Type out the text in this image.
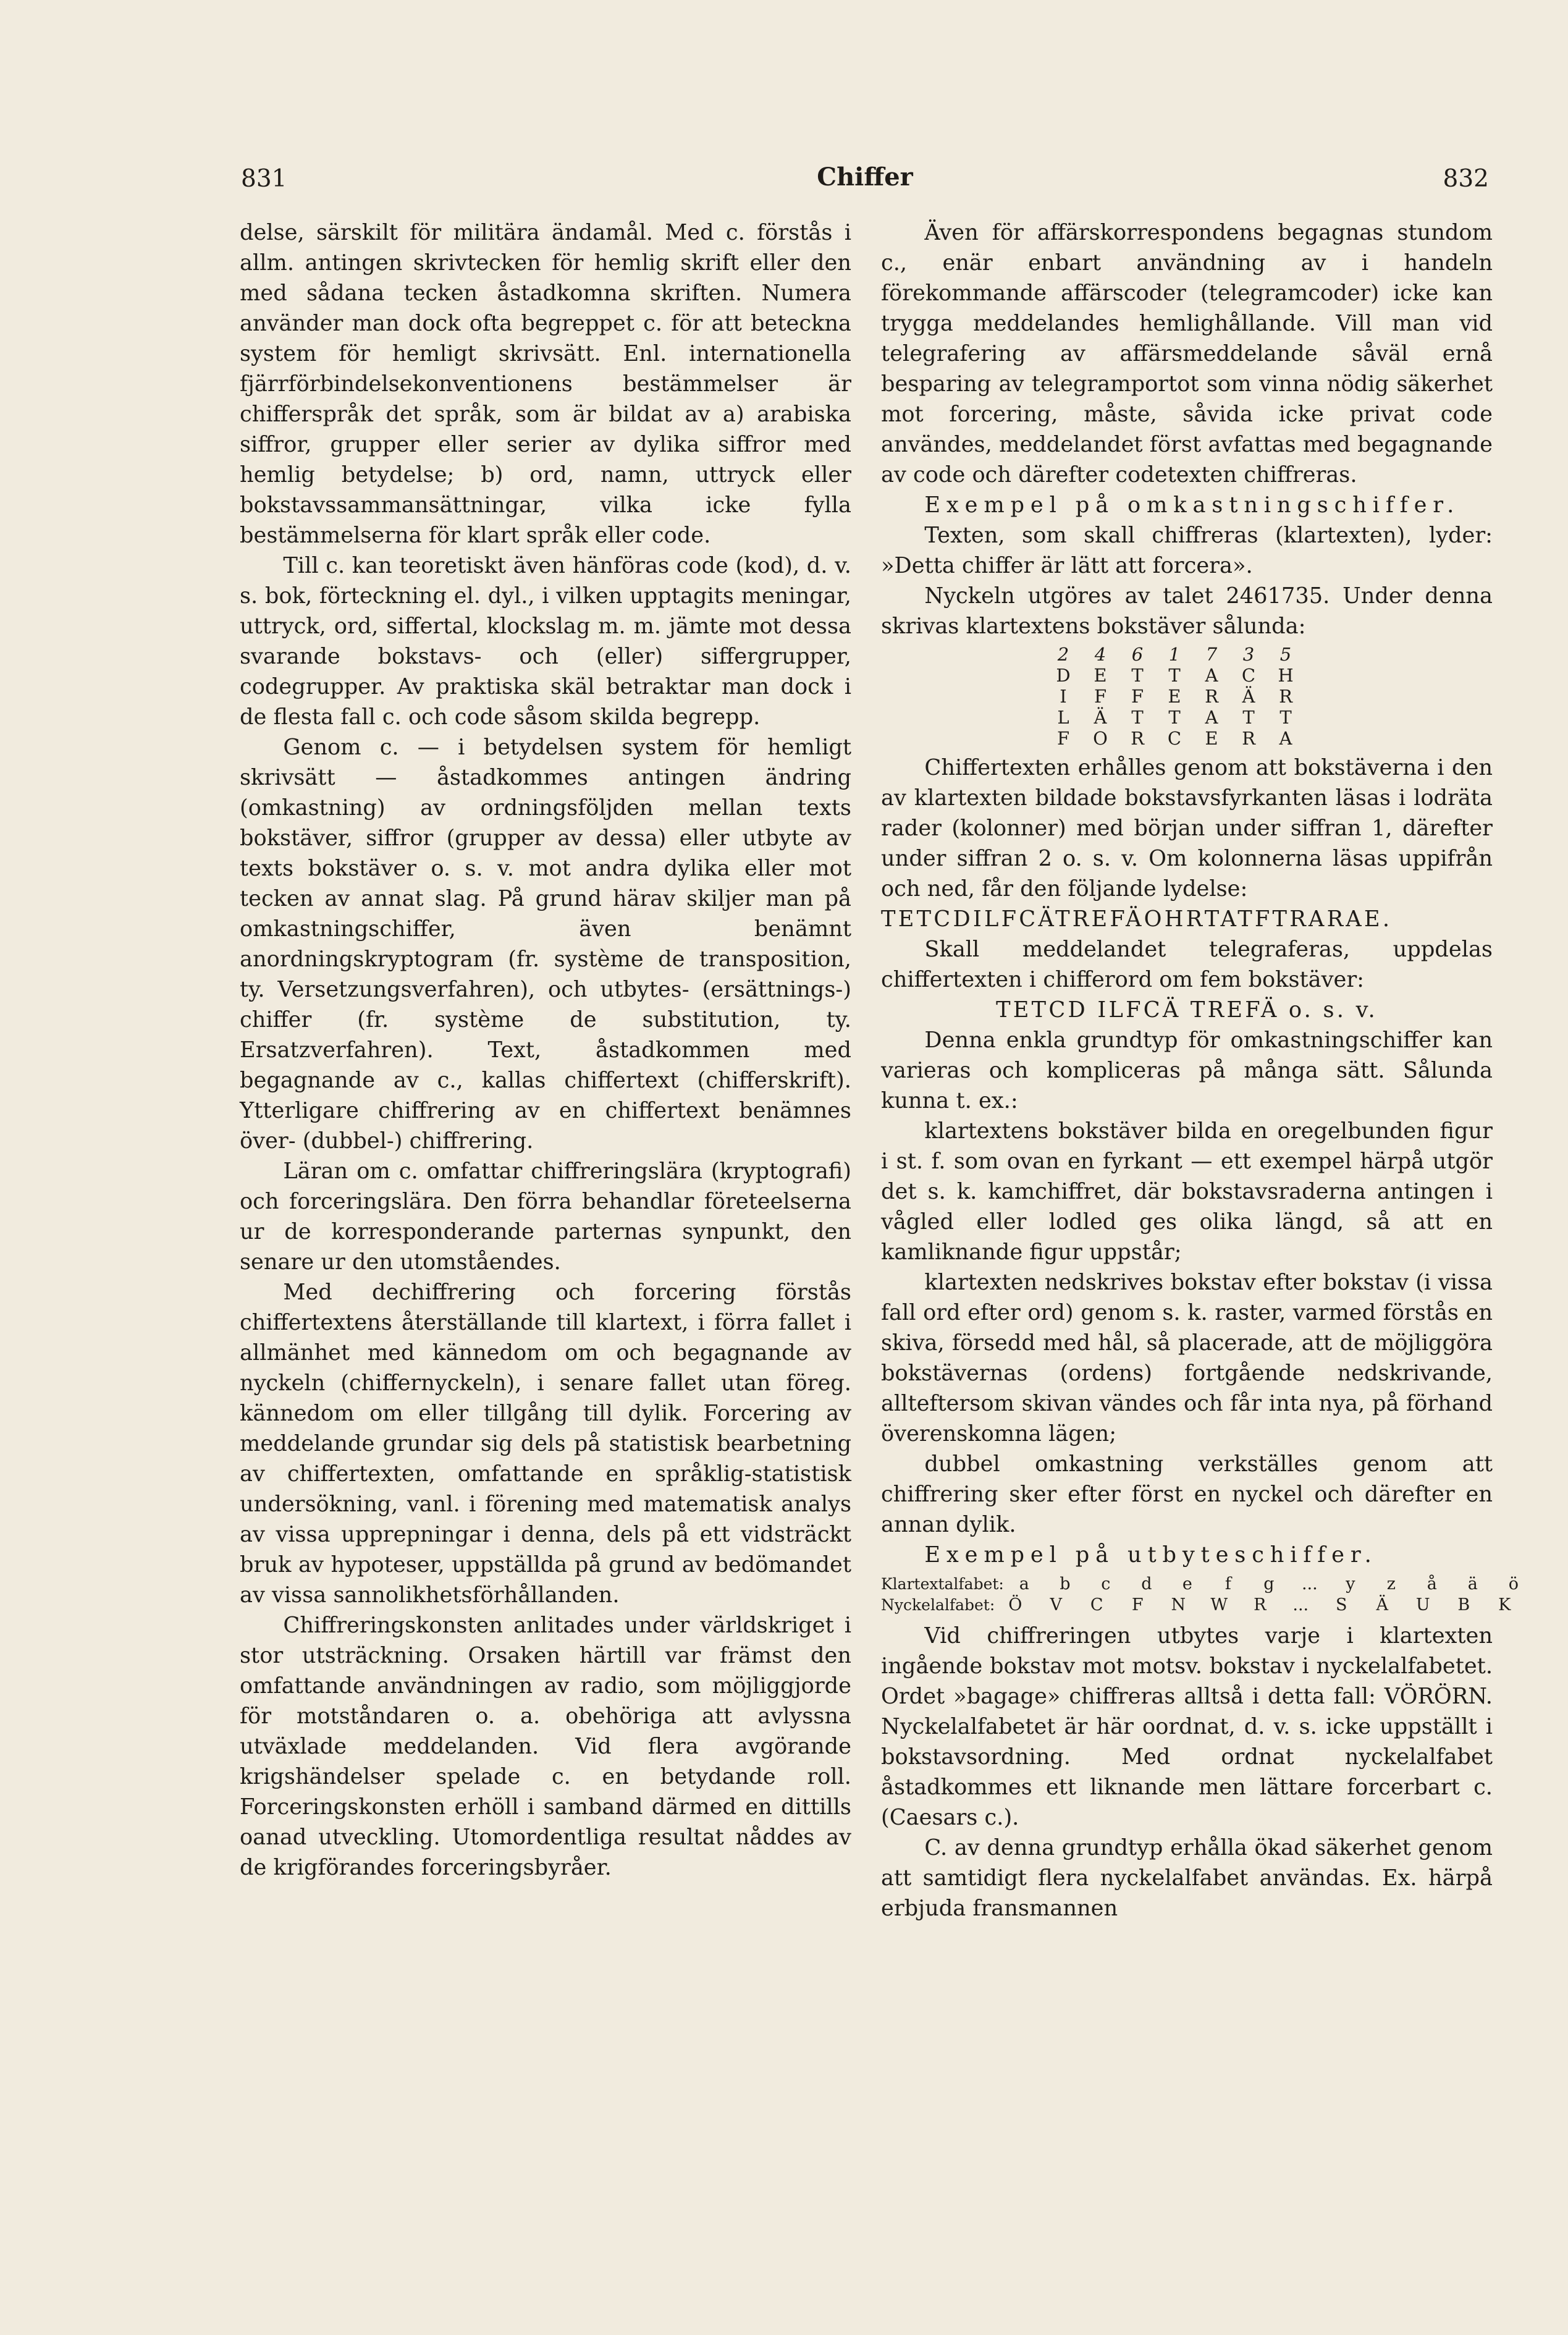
831	Chiffer	832

delse, särskilt för militära ändamål. Med c. förstås i allm. antingen skrivtecken för hemlig skrift eller den med sådana tecken åstadkomna skriften. Numera använder man dock ofta begreppet c. för att beteckna system för hemligt skrivsätt. Enl. internationella fjärrförbindelsekonventionens bestämmelser är chifferspråk det språk, som är bildat av a) arabiska siffror, grupper eller serier av dylika siffror med hemlig betydelse; b) ord, namn, uttryck eller bokstavssammansättningar, vilka icke fylla bestämmelserna för klart språk eller code.

Till c. kan teoretiskt även hänföras code (kod), d. v. s. bok, förteckning el. dyl., i vilken upptagits meningar, uttryck, ord, siffertal, klockslag m. m. jämte mot dessa svarande bokstavs- och (eller) siffergrupper, codegrupper. Av praktiska skäl betraktar man dock i de flesta fall c. och code såsom skilda begrepp.

Genom c. — i betydelsen system för hemligt skrivsätt — åstadkommes antingen ändring (omkastning) av ordningsföljden mellan texts bokstäver, siffror (grupper av dessa) eller utbyte av texts bokstäver o. s. v. mot andra dylika eller mot tecken av annat slag. På grund härav skiljer man på omkastningschiffer, även benämnt anordningskryptogram (fr. système de transposition, ty. Versetzungsverfahren), och utbytes- (ersättnings-) chiffer (fr. système de substitution, ty. Ersatzverfahren). Text, åstadkommen med begagnande av c., kallas chiffertext (chifferskrift). Ytterligare chiffrering av en chiffertext benämnes över- (dubbel-) chiffrering.

Läran om c. omfattar chiffreringslära (kryptografi) och forceringslära. Den förra behandlar företeelserna ur de korresponderande parternas synpunkt, den senare ur den utomståendes.

Med dechiffrering och forcering förstås chiffertextens återställande till klartext, i förra fallet i allmänhet med kännedom om och begagnande av nyckeln (chiffernyckeln), i senare fallet utan föreg. kännedom om eller tillgång till dylik. Forcering av meddelande grundar sig dels på statistisk bearbetning av chiffertexten, omfattande en språklig-statistisk undersökning, vanl. i förening med matematisk analys av vissa upprepningar i denna, dels på ett vidsträckt bruk av hypoteser, uppställda på grund av bedömandet av vissa sannolikhetsförhållanden.

Chiffreringskonsten anlitades under världskriget i stor utsträckning. Orsaken härtill var främst den omfattande användningen av radio, som möjliggjorde för motståndaren o. a. obehöriga att avlyssna utväxlade meddelanden. Vid flera avgörande krigshändelser spelade c. en betydande roll. Forceringskonsten erhöll i samband därmed en dittills oanad utveckling. Utomordentliga resultat nåddes av de krigförandes forceringsbyråer.

Även för affärskorrespondens begagnas stundom c., enär enbart användning av i handeln förekommande affärscoder (telegramcoder) icke kan trygga meddelandes hemlighållande. Vill man vid telegrafering av affärsmeddelande såväl ernå besparing av telegramportot som vinna nödig säkerhet mot forcering, måste, såvida icke privat code användes, meddelandet först avfattas med begagnande av code och därefter codetexten chiffreras.

Exempel på omkastningschiffer.

Texten, som skall chiffreras (klartexten), lyder: »Detta chiffer är lätt att forcera».

Nyckeln utgöres av talet 2461735. Under denna skrivas klartextens bokstäver sålunda:

2	4	6	1	7	3	5
D	E	T	T	A	C	H
I	F	F	E	R	Ä	R
L	Ä	T	T	A	T	T
F	O	R	C	E	R	A

Chiffertexten erhålles genom att bokstäverna i den av klartexten bildade bokstavsfyrkanten läsas i lodräta rader (kolonner) med början under siffran 1, därefter under siffran 2 o. s. v. Om kolonnerna läsas uppifrån och ned, får den följande lydelse:

TETCDILFCÄTREFÄOHRTATFTRARAE.

Skall meddelandet telegraferas, uppdelas chiffertexten i chifferord om fem bokstäver:

TETCD ILFCÄ TREFÄ o. s. v.

Denna enkla grundtyp för omkastningschiffer kan varieras och kompliceras på många sätt. Sålunda kunna t. ex.:

klartextens bokstäver bilda en oregelbunden figur i st. f. som ovan en fyrkant — ett exempel härpå utgör det s. k. kamchiffret, där bokstavsraderna antingen i vågled eller lodled ges olika längd, så att en kamliknande figur uppstår;

klartexten nedskrives bokstav efter bokstav (i vissa fall ord efter ord) genom s. k. raster, varmed förstås en skiva, försedd med hål, så placerade, att de möjliggöra bokstävernas (ordens) fortgående nedskrivande, allteftersom skivan vändes och får inta nya, på förhand överenskomna lägen;

dubbel omkastning verkställes genom att chiffrering sker efter först en nyckel och därefter en annan dylik.

Exempel på utbyteschiffer.

Klartextalfabet: a	b	c	d	e	f	g	...	y	z	å	ä	ö
Nyckelalfabet: Ö	V	C	F	N	W	R	...	S	Ä	U	B	K

Vid chiffreringen utbytes varje i klartexten ingående bokstav mot motsv. bokstav i nyckelalfabetet. Ordet »bagage» chiffreras alltså i detta fall: VÖRÖRN. Nyckelalfabetet är här oordnat, d. v. s. icke uppställt i bokstavsordning. Med ordnat nyckelalfabet åstadkommes ett liknande men lättare forcerbart c. (Caesars c.).

C. av denna grundtyp erhålla ökad säkerhet genom att samtidigt flera nyckelalfabet användas. Ex. härpå erbjuda fransmannen
